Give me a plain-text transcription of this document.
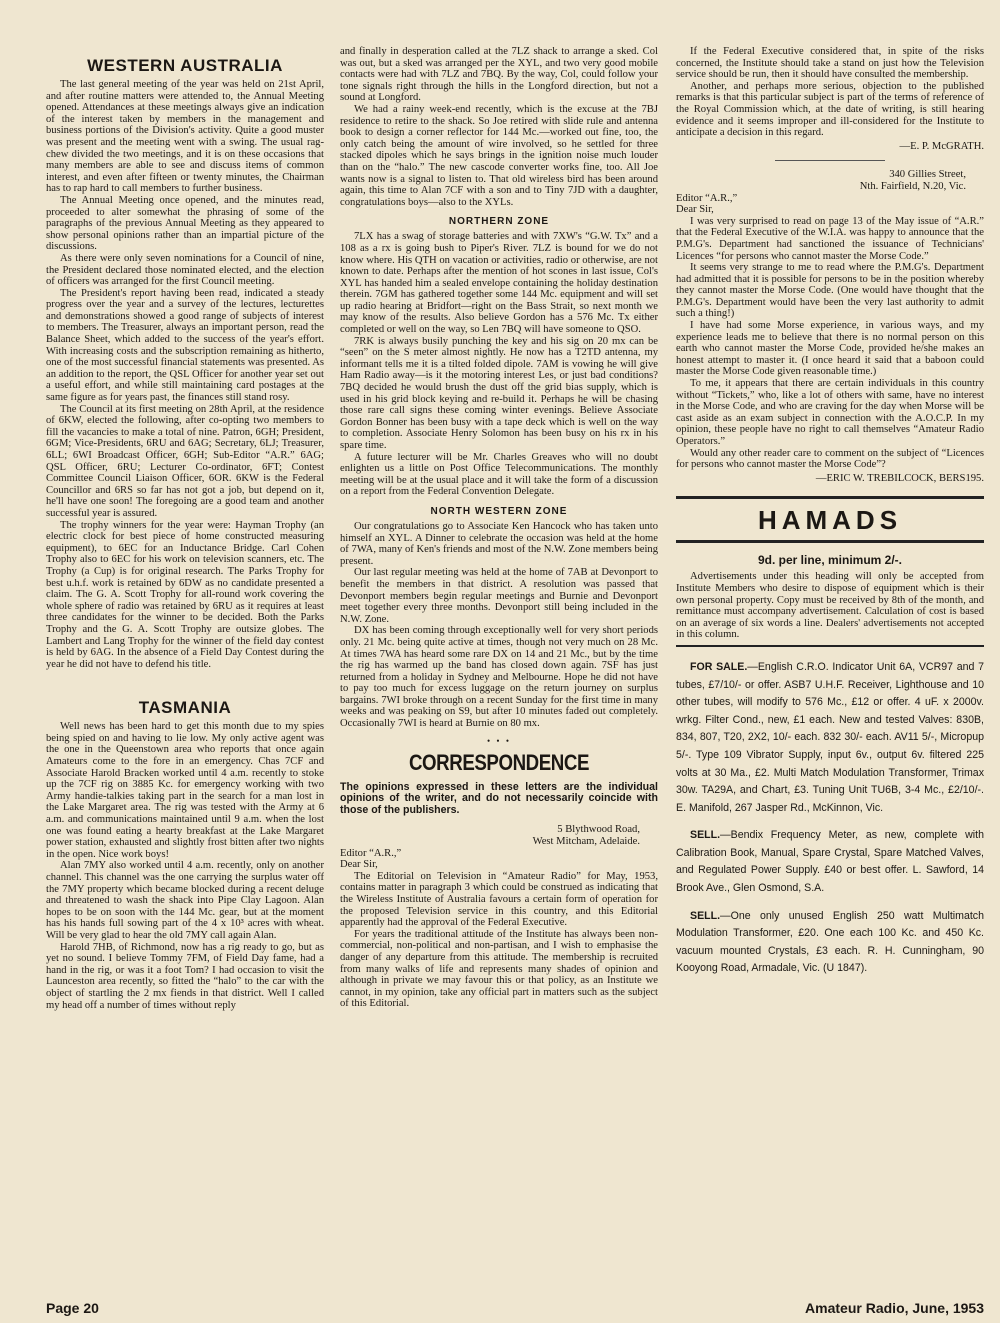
WESTERN AUSTRALIA

The last general meeting of the year was held on 21st April, and after routine matters were attended to, the Annual Meeting opened. Attendances at these meetings always give an indication of the interest taken by members in the management and business portions of the Division's activity. Quite a good muster was present and the meeting went with a swing. The usual rag-chew divided the two meetings, and it is on these occasions that many members are able to see and discuss items of common interest, and even after fifteen or twenty minutes, the Chairman has to rap hard to call members to further business.

The Annual Meeting once opened, and the minutes read, proceeded to alter somewhat the phrasing of some of the paragraphs of the previous Annual Meeting as they appeared to show personal opinions rather than an impartial picture of the discussions.

As there were only seven nominations for a Council of nine, the President declared those nominated elected, and the election of officers was arranged for the first Council meeting.

The President's report having been read, indicated a steady progress over the year and a survey of the lectures, lecturettes and demonstrations showed a good range of subjects of interest to members. The Treasurer, always an important person, read the Balance Sheet, which added to the success of the year's effort. With increasing costs and the subscription remaining as hitherto, one of the most successful financial statements was presented. As an addition to the report, the QSL Officer for another year set out a useful effort, and while still maintaining card postages at the same figure as for years past, the finances still stand rosy.

The Council at its first meeting on 28th April, at the residence of 6KW, elected the following, after co-opting two members to fill the vacancies to make a total of nine. Patron, 6GH; President, 6GM; Vice-Presidents, 6RU and 6AG; Secretary, 6LJ; Treasurer, 6LL; 6WI Broadcast Officer, 6GH; Sub-Editor “A.R.” 6AG; QSL Officer, 6RU; Lecturer Co-ordinator, 6FT; Contest Committee Council Liaison Officer, 6OR. 6KW is the Federal Councillor and 6RS so far has not got a job, but depend on it, he'll have one soon! The foregoing are a good team and another successful year is assured.

The trophy winners for the year were: Hayman Trophy (an electric clock for best piece of home constructed measuring equipment), to 6EC for an Inductance Bridge. Carl Cohen Trophy also to 6EC for his work on television scanners, etc. The Trophy (a Cup) is for original research. The Parks Trophy for best u.h.f. work is retained by 6DW as no candidate presented a claim. The G. A. Scott Trophy for all-round work covering the whole sphere of radio was retained by 6RU as it requires at least three candidates for the winner to be decided. Both the Parks Trophy and the G. A. Scott Trophy are outsize globes. The Lambert and Lang Trophy for the winner of the field day contest is held by 6AG. In the absence of a Field Day Contest during the year he did not have to defend his title.

TASMANIA

Well news has been hard to get this month due to my spies being spied on and having to lie low. My only active agent was the one in the Queenstown area who reports that once again Amateurs come to the fore in an emergency. Chas 7CF and Associate Harold Bracken worked until 4 a.m. recently to stoke up the 7CF rig on 3885 Kc. for emergency working with two Army handie-talkies taking part in the search for a man lost in the Lake Margaret area. The rig was tested with the Army at 6 a.m. and communications maintained until 9 a.m. when the lost one was found eating a hearty breakfast at the Lake Margaret power station, exhausted and slightly frost bitten after two nights in the open. Nice work boys!

Alan 7MY also worked until 4 a.m. recently, only on another channel. This channel was the one carrying the surplus water off the 7MY property which became blocked during a recent deluge and threatened to wash the shack into Pipe Clay Lagoon. Alan hopes to be on soon with the 144 Mc. gear, but at the moment has his hands full sowing part of the 4 x 10³ acres with wheat. Will be very glad to hear the old 7MY call again Alan.

Harold 7HB, of Richmond, now has a rig ready to go, but as yet no sound. I believe Tommy 7FM, of Field Day fame, had a hand in the rig, or was it a foot Tom? I had occasion to visit the Launceston area recently, so fitted the “halo” to the car with the object of startling the 2 mx fiends in that district. Well I called my head off a number of times without reply

and finally in desperation called at the 7LZ shack to arrange a sked. Col was out, but a sked was arranged per the XYL, and two very good mobile contacts were had with 7LZ and 7BQ. By the way, Col, could follow your tone signals right through the hills in the Longford direction, but not a sound at Longford.

We had a rainy week-end recently, which is the excuse at the 7BJ residence to retire to the shack. So Joe retired with slide rule and antenna book to design a corner reflector for 144 Mc.—worked out fine, too, the only catch being the amount of wire involved, so he settled for three stacked dipoles which he says brings in the ignition noise much louder than on the “halo.” The new cascode converter works fine, too. All Joe wants now is a signal to listen to. That old wireless bird has been around again, this time to Alan 7CF with a son and to Tiny 7JD with a daughter, congratulations boys—also to the XYLs.

NORTHERN ZONE

7LX has a swag of storage batteries and with 7XW's “G.W. Tx” and a 108 as a rx is going bush to Piper's River. 7LZ is bound for we do not know where. His QTH on vacation or activities, radio or otherwise, are not known to date. Perhaps after the mention of hot scones in last issue, Col's XYL has handed him a sealed envelope containing the holiday destination therein. 7GM has gathered together some 144 Mc. equipment and will set up radio hearing at Bridfort—right on the Bass Strait, so next month we may know of the results. Also believe Gordon has a 576 Mc. Tx either completed or well on the way, so Len 7BQ will have someone to QSO.

7RK is always busily punching the key and his sig on 20 mx can be “seen” on the S meter almost nightly. He now has a T2TD antenna, my informant tells me it is a tilted folded dipole. 7AM is vowing he will give Ham Radio away—is it the motoring interest Les, or just bad conditions? 7BQ decided he would brush the dust off the grid bias supply, which is used in his grid block keying and re-build it. Perhaps he will be chasing those rare call signs these coming winter evenings. Believe Associate Gordon Bonner has been busy with a tape deck which is well on the way to completion. Associate Henry Solomon has been busy on his rx in his spare time.

A future lecturer will be Mr. Charles Greaves who will no doubt enlighten us a little on Post Office Telecommunications. The monthly meeting will be at the usual place and it will take the form of a discussion on a report from the Federal Convention Delegate.

NORTH WESTERN ZONE

Our congratulations go to Associate Ken Hancock who has taken unto himself an XYL. A Dinner to celebrate the occasion was held at the home of 7WA, many of Ken's friends and most of the N.W. Zone members being present.

Our last regular meeting was held at the home of 7AB at Devonport to benefit the members in that district. A resolution was passed that Devonport members begin regular meetings and Burnie and Devonport meet together every three months. Devonport still being included in the N.W. Zone.

DX has been coming through exceptionally well for very short periods only. 21 Mc. being quite active at times, though not very much on 28 Mc. At times 7WA has heard some rare DX on 14 and 21 Mc., but by the time the rig has warmed up the band has closed down again. 7SF has just returned from a holiday in Sydney and Melbourne. Hope he did not have to pay too much for excess luggage on the return journey on surplus bargains. 7WI broke through on a recent Sunday for the first time in many weeks and was peaking on S9, but after 10 minutes faded out completely. Occasionally 7WI is heard at Burnie on 80 mx.

• • •
CORRESPONDENCE

The opinions expressed in these letters are the individual opinions of the writer, and do not necessarily coincide with those of the publishers.

5 Blythwood Road,

West Mitcham, Adelaide.

Editor “A.R.,”

Dear Sir,

The Editorial on Television in “Amateur Radio” for May, 1953, contains matter in paragraph 3 which could be construed as indicating that the Wireless Institute of Australia favours a certain form of operation for the proposed Television service in this country, and this Editorial apparently had the approval of the Federal Executive.

For years the traditional attitude of the Institute has always been non-commercial, non-political and non-partisan, and I wish to emphasise the danger of any departure from this attitude. The membership is recruited from many walks of life and represents many shades of opinion and although in private we may favour this or that policy, as an Institute we cannot, in my opinion, take any official part in matters such as the subject of this Editorial.

If the Federal Executive considered that, in spite of the risks concerned, the Institute should take a stand on just how the Television service should be run, then it should have consulted the membership.

Another, and perhaps more serious, objection to the published remarks is that this particular subject is part of the terms of reference of the Royal Commission which, at the date of writing, is still hearing evidence and it seems improper and ill-considered for the Institute to anticipate a decision in this regard.

—E. P. McGRATH.

340 Gillies Street,

Nth. Fairfield, N.20, Vic.

Editor “A.R.,”

Dear Sir,

I was very surprised to read on page 13 of the May issue of “A.R.” that the Federal Executive of the W.I.A. was happy to announce that the P.M.G's. Department had sanctioned the issuance of Technicians' Licences “for persons who cannot master the Morse Code.”

It seems very strange to me to read where the P.M.G's. Department had admitted that it is possible for persons to be in the position whereby they cannot master the Morse Code. (One would have thought that the P.M.G's. Department would have been the very last authority to admit such a thing!)

I have had some Morse experience, in various ways, and my experience leads me to believe that there is no normal person on this earth who cannot master the Morse Code, provided he/she makes an honest attempt to master it. (I once heard it said that a baboon could master the Morse Code given reasonable time.)

To me, it appears that there are certain individuals in this country without “Tickets,” who, like a lot of others with same, have no interest in the Morse Code, and who are craving for the day when Morse will be cast aside as an exam subject in connection with the A.O.C.P. In my opinion, these people have no right to call themselves “Amateur Radio Operators.”

Would any other reader care to comment on the subject of “Licences for persons who cannot master the Morse Code”?

—ERIC W. TREBILCOCK, BERS195.

HAMADS
9d. per line, minimum 2/-.

Advertisements under this heading will only be accepted from Institute Members who desire to dispose of equipment which is their own personal property. Copy must be received by 8th of the month, and remittance must accompany advertisement. Calculation of cost is based on an average of six words a line. Dealers' advertisements not accepted in this column.

FOR SALE.—English C.R.O. Indicator Unit 6A, VCR97 and 7 tubes, £7/10/- or offer. ASB7 U.H.F. Receiver, Lighthouse and 10 other tubes, will modify to 576 Mc., £12 or offer. 4 uF. x 2000v. wrkg. Filter Cond., new, £1 each. New and tested Valves: 830B, 834, 807, T20, 2X2, 10/- each. 832 30/- each. AV11 5/-, Micropup 5/-. Type 109 Vibrator Supply, input 6v., output 6v. filtered 225 volts at 30 Ma., £2. Multi Match Modulation Transformer, Trimax 30w. TA29A, and Chart, £3. Tuning Unit TU6B, 3-4 Mc., £2/10/-. E. Manifold, 267 Jasper Rd., McKinnon, Vic.

SELL.—Bendix Frequency Meter, as new, complete with Calibration Book, Manual, Spare Crystal, Spare Matched Valves, and Regulated Power Supply. £40 or best offer. L. Sawford, 14 Brook Ave., Glen Osmond, S.A.

SELL.—One only unused English 250 watt Multimatch Modulation Transformer, £20. One each 100 Kc. and 450 Kc. vacuum mounted Crystals, £3 each. R. H. Cunningham, 90 Kooyong Road, Armadale, Vic. (U 1847).

Page 20	Amateur Radio, June, 1953
